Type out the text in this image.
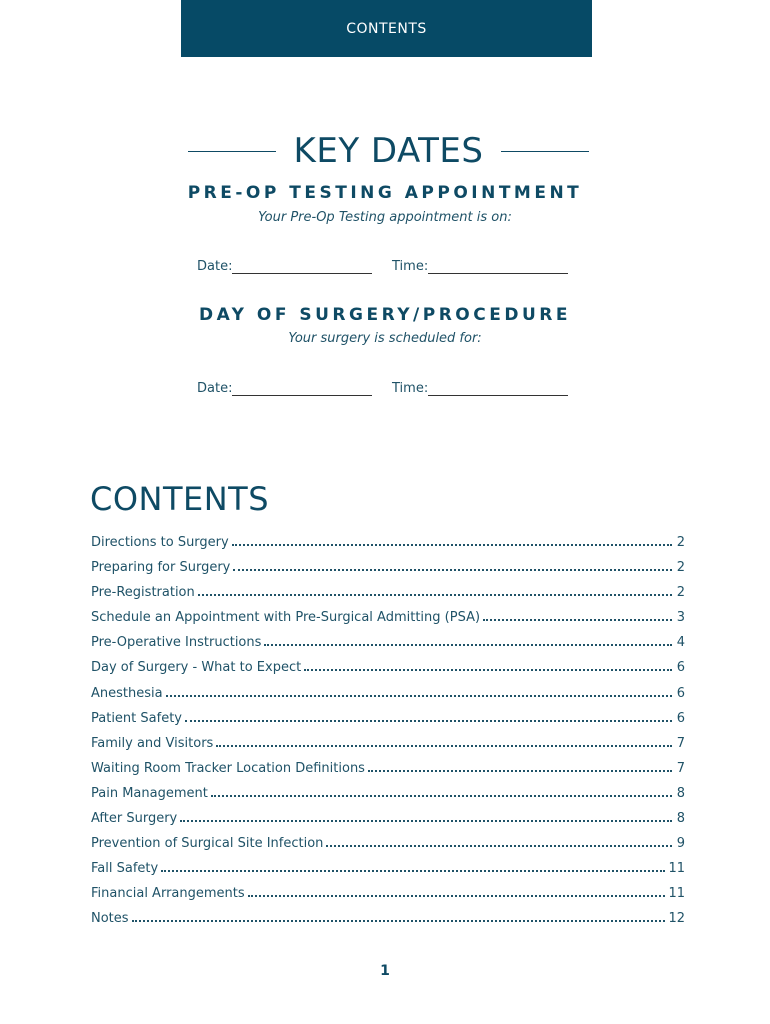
CONTENTS
KEY DATES
PRE-OP TESTING APPOINTMENT
Your Pre-Op Testing appointment is on:
Date:	Time:
DAY OF SURGERY/PROCEDURE
Your surgery is scheduled for:
Date:	Time:
CONTENTS
Directions to Surgery	2
Preparing for Surgery	2
Pre-Registration	2
Schedule an Appointment with Pre-Surgical Admitting (PSA)	3
Pre-Operative Instructions	4
Day of Surgery - What to Expect	6
Anesthesia	6
Patient Safety	6
Family and Visitors	7
Waiting Room Tracker Location Definitions	7
Pain Management	8
After Surgery	8
Prevention of Surgical Site Infection	9
Fall Safety	11
Financial Arrangements	11
Notes	12
1
